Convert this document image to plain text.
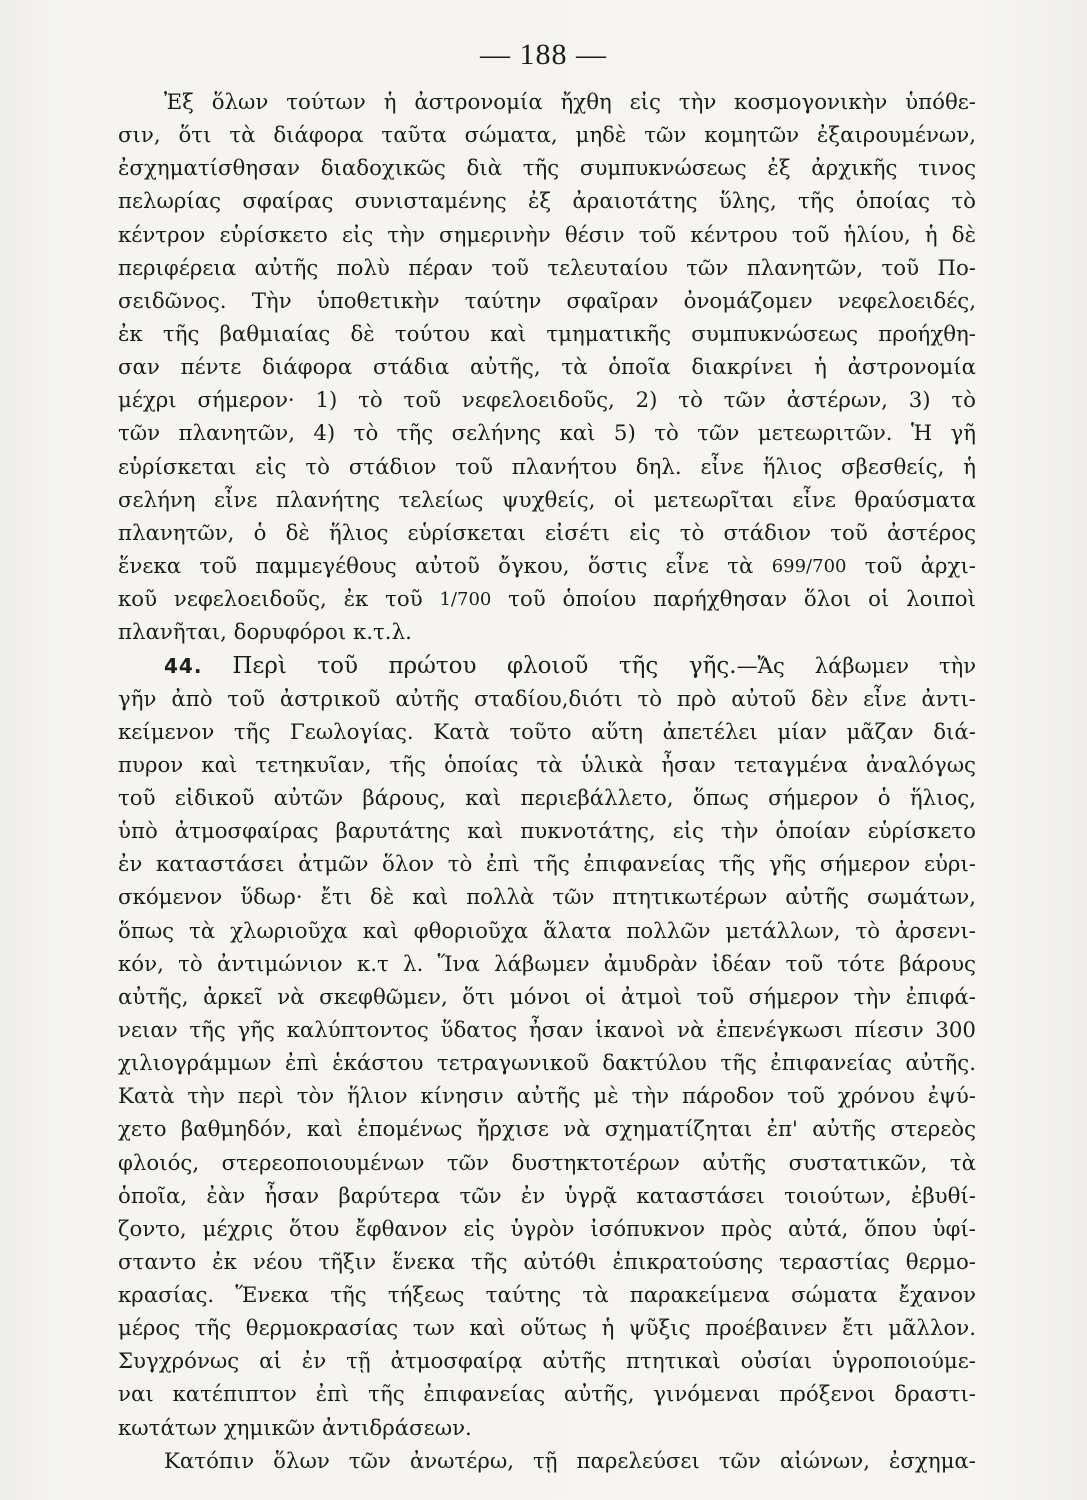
— 188 —
Ἐξ ὅλων τούτων ἡ ἀστρονομία ἤχθη εἰς τὴν κοσμογονικὴν ὑπόθε-
σιν, ὅτι τὰ διάφορα ταῦτα σώματα, μηδὲ τῶν κομητῶν ἐξαιρουμένων,
ἐσχηματίσθησαν διαδοχικῶς διὰ τῆς συμπυκνώσεως ἐξ ἀρχικῆς τινος
πελωρίας σφαίρας συνισταμένης ἐξ ἀραιοτάτης ὕλης, τῆς ὁποίας τὸ
κέντρον εὑρίσκετο εἰς τὴν σημερινὴν θέσιν τοῦ κέντρου τοῦ ἡλίου, ἡ δὲ
περιφέρεια αὐτῆς πολὺ πέραν τοῦ τελευταίου τῶν πλανητῶν, τοῦ Πο-
σειδῶνος. Τὴν ὑποθετικὴν ταύτην σφαῖραν ὀνομάζομεν νεφελοειδές,
ἐκ τῆς βαθμιαίας δὲ τούτου καὶ τμηματικῆς συμπυκνώσεως προήχθη-
σαν πέντε διάφορα στάδια αὐτῆς, τὰ ὁποῖα διακρίνει ἡ ἀστρονομία
μέχρι σήμερον· 1) τὸ τοῦ νεφελοειδοῦς, 2) τὸ τῶν ἀστέρων, 3) τὸ
τῶν πλανητῶν, 4) τὸ τῆς σελήνης καὶ 5) τὸ τῶν μετεωριτῶν. Ἡ γῆ
εὑρίσκεται εἰς τὸ στάδιον τοῦ πλανήτου δηλ. εἶνε ἥλιος σβεσθείς, ἡ
σελήνη εἶνε πλανήτης τελείως ψυχθείς, οἱ μετεωρῖται εἶνε θραύσματα
πλανητῶν, ὁ δὲ ἥλιος εὑρίσκεται εἰσέτι εἰς τὸ στάδιον τοῦ ἀστέρος
ἕνεκα τοῦ παμμεγέθους αὐτοῦ ὄγκου, ὅστις εἶνε τὰ 699/700 τοῦ ἀρχι-
κοῦ νεφελοειδοῦς, ἐκ τοῦ 1/700 τοῦ ὁποίου παρήχθησαν ὅλοι οἱ λοιποὶ
πλανῆται, δορυφόροι κ.τ.λ.
44. Περὶ τοῦ πρώτου φλοιοῦ τῆς γῆς.—Ἄς λάβωμεν τὴν
γῆν ἀπὸ τοῦ ἀστρικοῦ αὐτῆς σταδίου,διότι τὸ πρὸ αὐτοῦ δὲν εἶνε ἀντι-
κείμενον τῆς Γεωλογίας. Κατὰ τοῦτο αὕτη ἀπετέλει μίαν μᾶζαν διά-
πυρον καὶ τετηκυῖαν, τῆς ὁποίας τὰ ὑλικὰ ἦσαν τεταγμένα ἀναλόγως
τοῦ εἰδικοῦ αὐτῶν βάρους, καὶ περιεβάλλετο, ὅπως σήμερον ὁ ἥλιος,
ὑπὸ ἀτμοσφαίρας βαρυτάτης καὶ πυκνοτάτης, εἰς τὴν ὁποίαν εὑρίσκετο
ἐν καταστάσει ἀτμῶν ὅλον τὸ ἐπὶ τῆς ἐπιφανείας τῆς γῆς σήμερον εὑρι-
σκόμενον ὕδωρ· ἔτι δὲ καὶ πολλὰ τῶν πτητικωτέρων αὐτῆς σωμάτων,
ὅπως τὰ χλωριοῦχα καὶ φθοριοῦχα ἅλατα πολλῶν μετάλλων, τὸ ἀρσενι-
κόν, τὸ ἀντιμώνιον κ.τ λ. Ἵνα λάβωμεν ἀμυδρὰν ἰδέαν τοῦ τότε βάρους
αὐτῆς, ἀρκεῖ νὰ σκεφθῶμεν, ὅτι μόνοι οἱ ἀτμοὶ τοῦ σήμερον τὴν ἐπιφά-
νειαν τῆς γῆς καλύπτοντος ὕδατος ἦσαν ἱκανοὶ νὰ ἐπενέγκωσι πίεσιν 300
χιλιογράμμων ἐπὶ ἑκάστου τετραγωνικοῦ δακτύλου τῆς ἐπιφανείας αὐτῆς.
Κατὰ τὴν περὶ τὸν ἥλιον κίνησιν αὐτῆς μὲ τὴν πάροδον τοῦ χρόνου ἐψύ-
χετο βαθμηδόν, καὶ ἑπομένως ἤρχισε νὰ σχηματίζηται ἐπ' αὐτῆς στερεὸς
φλοιός, στερεοποιουμένων τῶν δυστηκτοτέρων αὐτῆς συστατικῶν, τὰ
ὁποῖα, ἐὰν ἦσαν βαρύτερα τῶν ἐν ὑγρᾷ καταστάσει τοιούτων, ἐβυθί-
ζοντο, μέχρις ὅτου ἔφθανον εἰς ὑγρὸν ἰσόπυκνον πρὸς αὐτά, ὅπου ὑφί-
σταντο ἐκ νέου τῆξιν ἕνεκα τῆς αὐτόθι ἐπικρατούσης τεραστίας θερμο-
κρασίας. Ἕνεκα τῆς τήξεως ταύτης τὰ παρακείμενα σώματα ἔχανον
μέρος τῆς θερμοκρασίας των καὶ οὕτως ἡ ψῦξις προέβαινεν ἔτι μᾶλλον.
Συγχρόνως αἱ ἐν τῇ ἀτμοσφαίρᾳ αὐτῆς πτητικαὶ οὐσίαι ὑγροποιούμε-
ναι κατέπιπτον ἐπὶ τῆς ἐπιφανείας αὐτῆς, γινόμεναι πρόξενοι δραστι-
κωτάτων χημικῶν ἀντιδράσεων.
Κατόπιν ὅλων τῶν ἀνωτέρω, τῇ παρελεύσει τῶν αἰώνων, ἐσχημα-
